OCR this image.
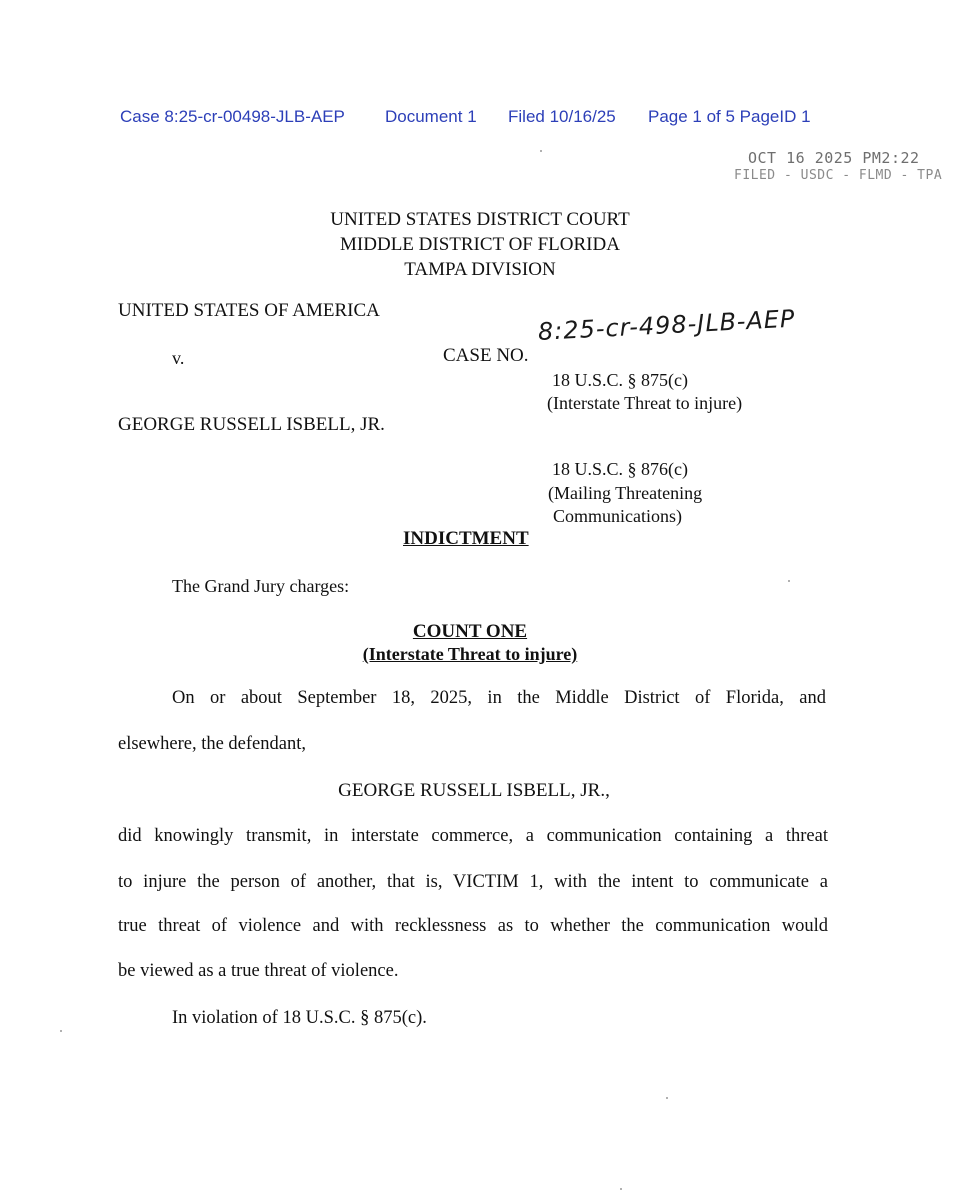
Case 8:25-cr-00498-JLB-AEP Document 1 Filed 10/16/25 Page 1 of 5 PageID 1
OCT 16 2025 PM2:22
FILED - USDC - FLMD - TPA
UNITED STATES DISTRICT COURT
MIDDLE DISTRICT OF FLORIDA
TAMPA DIVISION
UNITED STATES OF AMERICA
v.	CASE NO.
8:25-cr-498-JLB-AEP
18 U.S.C. § 875(c)
(Interstate Threat to injure)
GEORGE RUSSELL ISBELL, JR.
18 U.S.C. § 876(c)
(Mailing Threatening
Communications)
INDICTMENT
The Grand Jury charges:
COUNT ONE
(Interstate Threat to injure)
On or about September 18, 2025, in the Middle District of Florida, and
elsewhere, the defendant,
GEORGE RUSSELL ISBELL, JR.,
did knowingly transmit, in interstate commerce, a communication containing a threat
to injure the person of another, that is, VICTIM 1, with the intent to communicate a
true threat of violence and with recklessness as to whether the communication would
be viewed as a true threat of violence.
In violation of 18 U.S.C. § 875(c).
